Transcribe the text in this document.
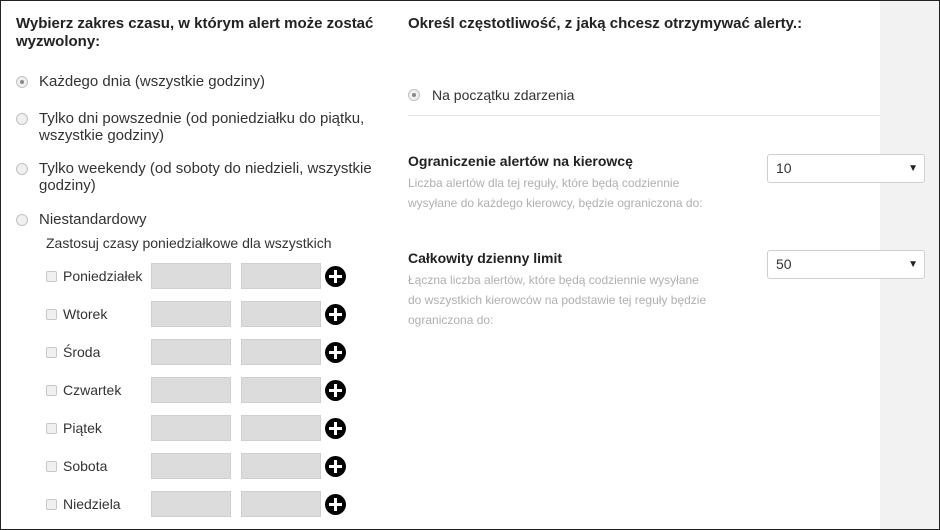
Wybierz zakres czasu, w którym alert może zostać wyzwolony:
Każdego dnia (wszystkie godziny)
Tylko dni powszednie (od poniedziałku do piątku, wszystkie godziny)
Tylko weekendy (od soboty do niedzieli, wszystkie godziny)
Niestandardowy
Zastosuj czasy poniedziałkowe dla wszystkich
Poniedziałek
Wtorek
Środa
Czwartek
Piątek
Sobota
Niedziela
Określ częstotliwość, z jaką chcesz otrzymywać alerty.:
Na początku zdarzenia
Ograniczenie alertów na kierowcę
Liczba alertów dla tej reguły, które będą codziennie wysyłane do każdego kierowcy, będzie ograniczona do:
10	▼
Całkowity dzienny limit
Łączna liczba alertów, które będą codziennie wysyłane do wszystkich kierowców na podstawie tej reguły będzie ograniczona do:
50	▼
